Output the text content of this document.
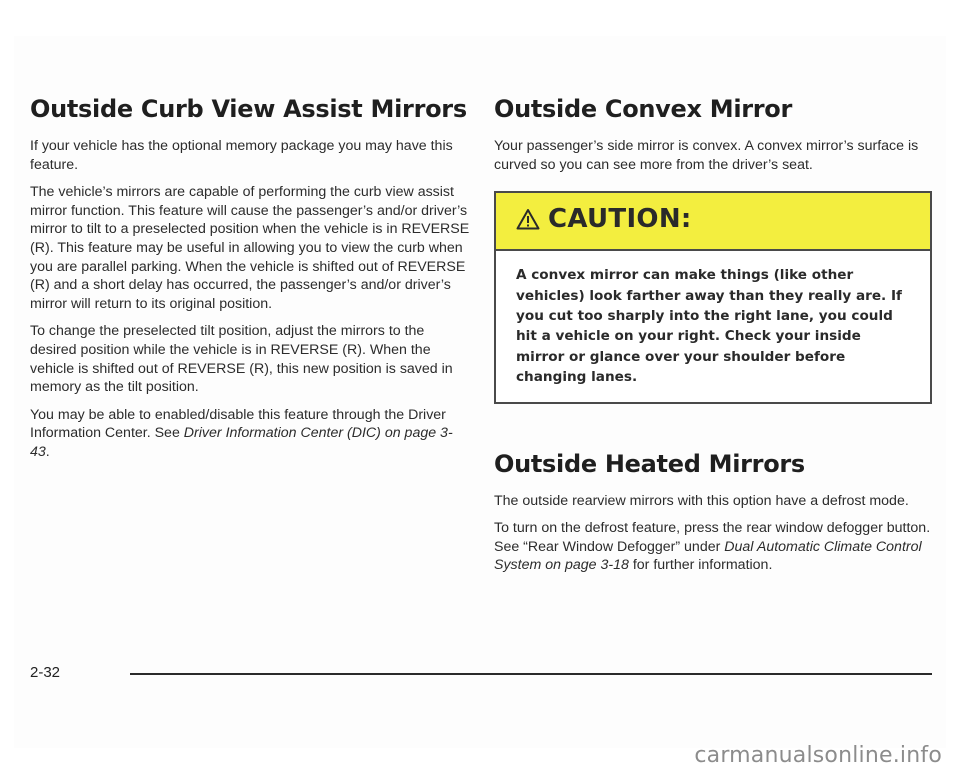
Outside Curb View Assist Mirrors

If your vehicle has the optional memory package you may have this feature.

The vehicle’s mirrors are capable of performing the curb view assist mirror function. This feature will cause the passenger’s and/or driver’s mirror to tilt to a preselected position when the vehicle is in REVERSE (R). This feature may be useful in allowing you to view the curb when you are parallel parking. When the vehicle is shifted out of REVERSE (R) and a short delay has occurred, the passenger’s and/or driver’s mirror will return to its original position.

To change the preselected tilt position, adjust the mirrors to the desired position while the vehicle is in REVERSE (R). When the vehicle is shifted out of REVERSE (R), this new position is saved in memory as the tilt position.

You may be able to enabled/disable this feature through the Driver Information Center. See Driver Information Center (DIC) on page 3-43.

Outside Convex Mirror

Your passenger’s side mirror is convex. A convex mirror’s surface is curved so you can see more from the driver’s seat.

CAUTION:
A convex mirror can make things (like other vehicles) look farther away than they really are. If you cut too sharply into the right lane, you could hit a vehicle on your right. Check your inside mirror or glance over your shoulder before changing lanes.
Outside Heated Mirrors

The outside rearview mirrors with this option have a defrost mode.

To turn on the defrost feature, press the rear window defogger button. See “Rear Window Defogger” under Dual Automatic Climate Control System on page 3-18 for further information.

2-32
carmanualsonline.info
